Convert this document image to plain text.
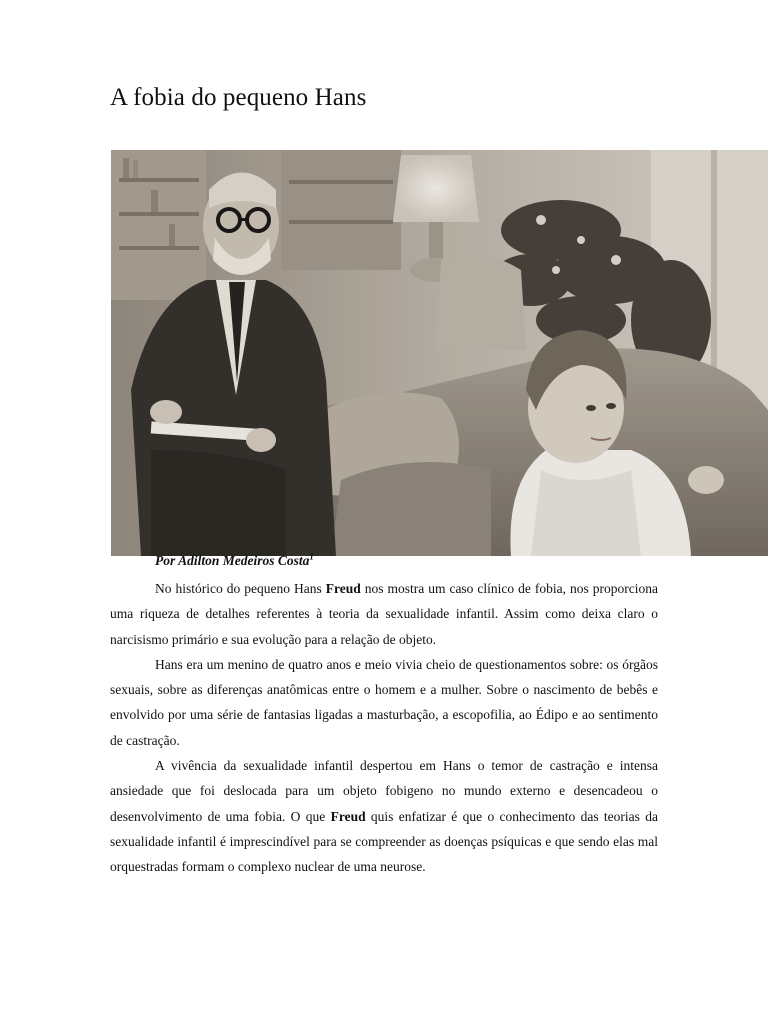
A fobia do pequeno Hans
Por Adilton Medeiros Costa$^1$

No histórico do pequeno Hans Freud nos mostra um caso clínico de fobia, nos proporciona uma riqueza de detalhes referentes à teoria da sexualidade infantil. Assim como deixa claro o narcisismo primário e sua evolução para a relação de objeto.

Hans era um menino de quatro anos e meio vivia cheio de questionamentos sobre: os órgãos sexuais, sobre as diferenças anatômicas entre o homem e a mulher. Sobre o nascimento de bebês e envolvido por uma série de fantasias ligadas a masturbação, a escopofilia, ao Édipo e ao sentimento de castração.

A vivência da sexualidade infantil despertou em Hans o temor de castração e intensa ansiedade que foi deslocada para um objeto fobigeno no mundo externo e desencadeou o desenvolvimento de uma fobia. O que Freud quis enfatizar é que o conhecimento das teorias da sexualidade infantil é imprescindível para se compreender as doenças psíquicas e que sendo elas mal orquestradas formam o complexo nuclear de uma neurose.
